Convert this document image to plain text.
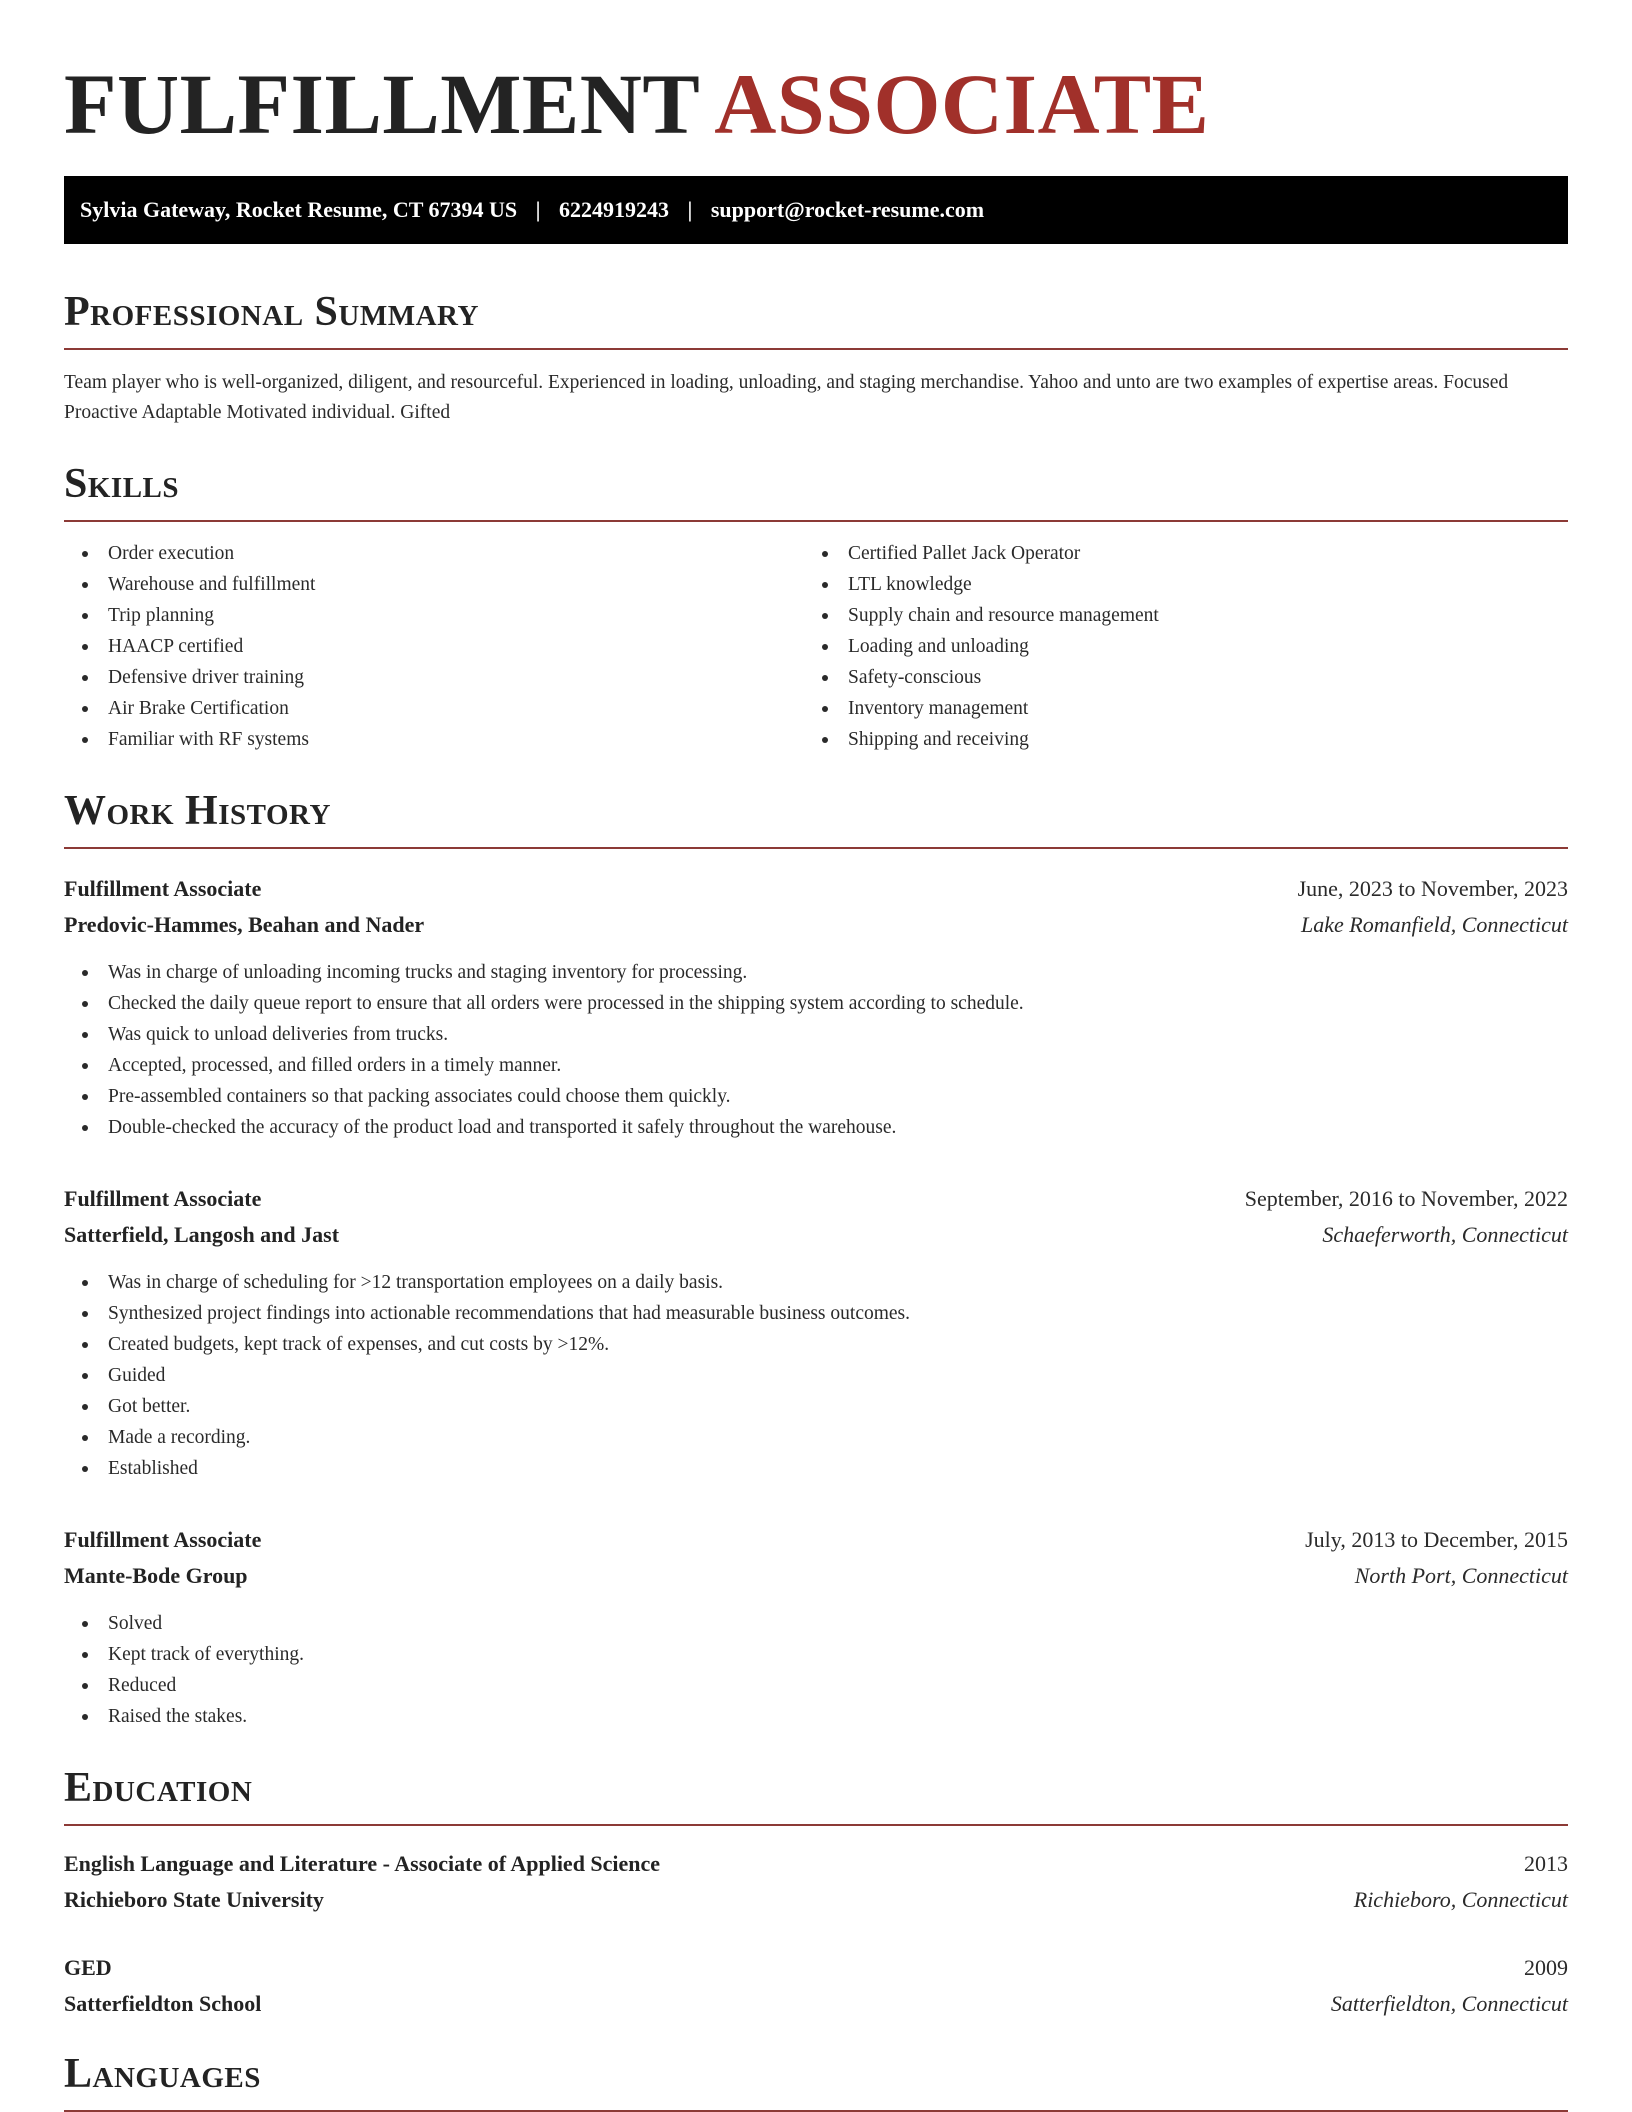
FULFILLMENT ASSOCIATE
Sylvia Gateway, Rocket Resume, CT 67394 US | 6224919243 | support@rocket-resume.com
Professional Summary

Team player who is well-organized, diligent, and resourceful. Experienced in loading, unloading, and staging merchandise. Yahoo and unto are two examples of expertise areas. Focused Proactive Adaptable Motivated individual. Gifted

Skills
Order execution
Warehouse and fulfillment
Trip planning
HAACP certified
Defensive driver training
Air Brake Certification
Familiar with RF systems
Certified Pallet Jack Operator
LTL knowledge
Supply chain and resource management
Loading and unloading
Safety-conscious
Inventory management
Shipping and receiving
Work History
Fulfillment Associate	June, 2023 to November, 2023
Predovic-Hammes, Beahan and Nader	Lake Romanfield, Connecticut
Was in charge of unloading incoming trucks and staging inventory for processing.
Checked the daily queue report to ensure that all orders were processed in the shipping system according to schedule.
Was quick to unload deliveries from trucks.
Accepted, processed, and filled orders in a timely manner.
Pre-assembled containers so that packing associates could choose them quickly.
Double-checked the accuracy of the product load and transported it safely throughout the warehouse.
Fulfillment Associate	September, 2016 to November, 2022
Satterfield, Langosh and Jast	Schaeferworth, Connecticut
Was in charge of scheduling for >12 transportation employees on a daily basis.
Synthesized project findings into actionable recommendations that had measurable business outcomes.
Created budgets, kept track of expenses, and cut costs by >12%.
Guided
Got better.
Made a recording.
Established
Fulfillment Associate	July, 2013 to December, 2015
Mante-Bode Group	North Port, Connecticut
Solved
Kept track of everything.
Reduced
Raised the stakes.
Education
English Language and Literature - Associate of Applied Science	2013
Richieboro State University	Richieboro, Connecticut
GED	2009
Satterfieldton School	Satterfieldton, Connecticut
Languages
